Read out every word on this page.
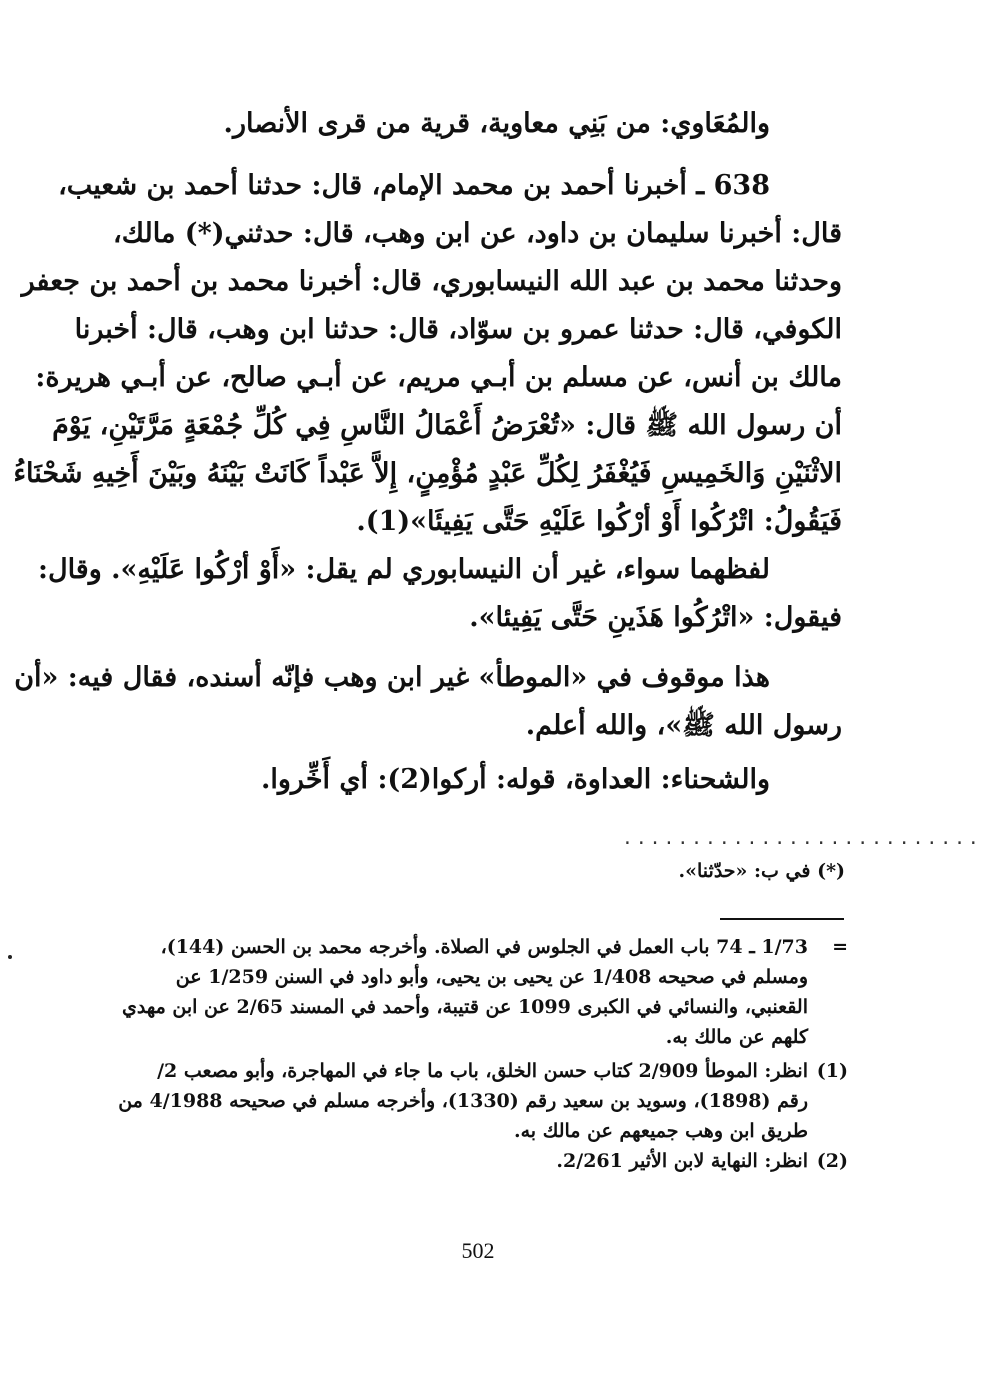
والمُعَاوي: من بَنِي معاوية، قرية من قرى الأنصار.
638 ـ أخبرنا أحمد بن محمد الإمام، قال: حدثنا أحمد بن شعيب،
قال: أخبرنا سليمان بن داود، عن ابن وهب، قال: حدثني(*) مالك،
وحدثنا محمد بن عبد الله النيسابوري، قال: أخبرنا محمد بن أحمد بن جعفر
الكوفي، قال: حدثنا عمرو بن سوّاد، قال: حدثنا ابن وهب، قال: أخبرنا
مالك بن أنس، عن مسلم بن أبـي مريم، عن أبـي صالح، عن أبـي هريرة:
أن رسول الله ﷺ قال: «تُعْرَضُ أَعْمَالُ النَّاسِ فِي كُلِّ جُمْعَةٍ مَرَّتَيْنِ، يَوْمَ
الاثْنَيْنِ وَالخَمِيسِ فَيُغْفَرُ لِكُلِّ عَبْدٍ مُؤْمِنٍ، إِلاَّ عَبْداً كَانَتْ بَيْنَهُ وبَيْنَ أَخِيهِ شَحْنَاءُ
فَيَقُولُ: اتْرُكُوا أَوْ أرْكُوا عَلَيْهِ حَتَّى يَفِيئَا»(1).
لفظهما سواء، غير أن النيسابوري لم يقل: «أَوْ أرْكُوا عَلَيْهِ». وقال:
فيقول: «اتْرُكُوا هَذَينِ حَتَّى يَفِيئا».
هذا موقوف في «الموطأ» غير ابن وهب فإنّه أسنده، فقال فيه: «أن
رسول الله ﷺ»، والله أعلم.
والشحناء: العداوة، قوله: أركوا(2): أي أَخِّروا.
..........................
(*) في ب: «حدّثنا».
=
1/73 ـ 74 باب العمل في الجلوس في الصلاة. وأخرجه محمد بن الحسن (144)،
ومسلم في صحيحه 1/408 عن يحيى بن يحيى، وأبو داود في السنن 1/259 عن
القعنبي، والنسائي في الكبرى 1099 عن قتيبة، وأحمد في المسند 2/65 عن ابن مهدي
كلهم عن مالك به.
(1)
انظر: الموطأ 2/909 كتاب حسن الخلق، باب ما جاء في المهاجرة، وأبو مصعب 2/
رقم (1898)، وسويد بن سعيد رقم (1330)، وأخرجه مسلم في صحيحه 4/1988 من
طريق ابن وهب جميعهم عن مالك به.
(2)
انظر: النهاية لابن الأثير 2/261.
502
